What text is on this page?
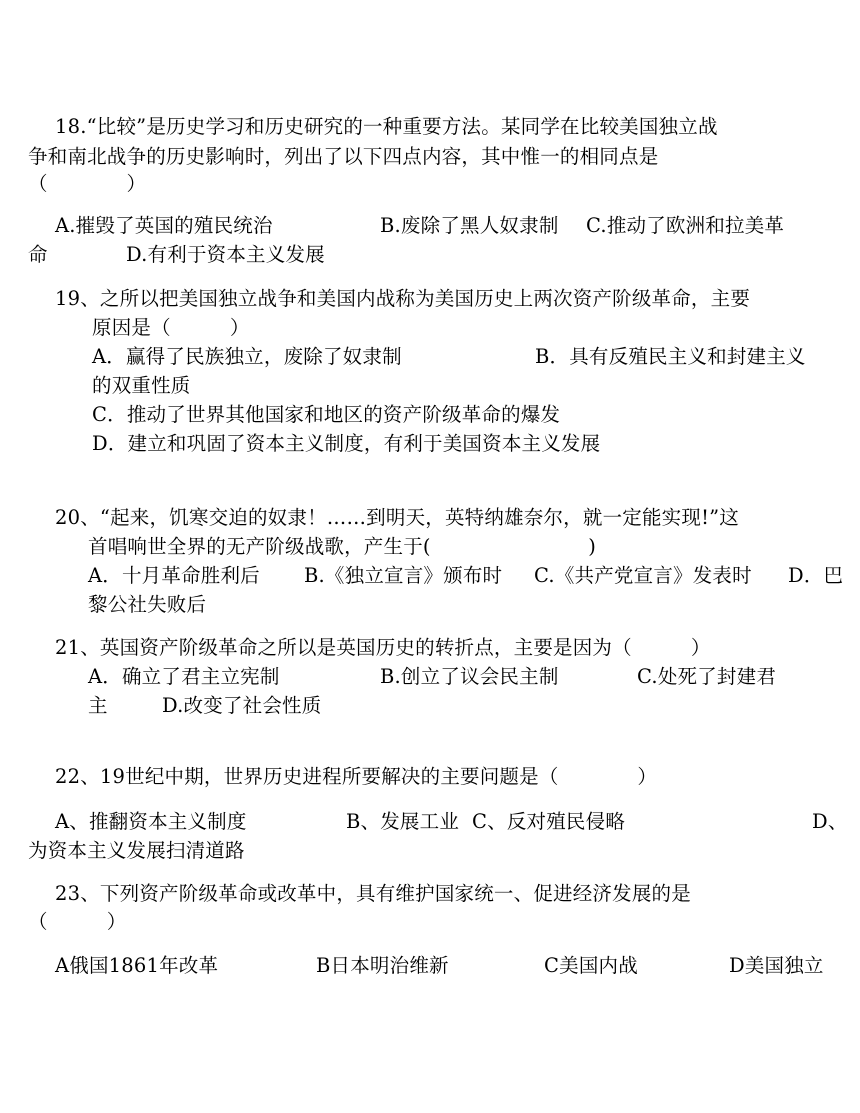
18.“比较”是历史学习和历史研究的一种重要方法。某同学在比较美国独立战
争和南北战争的历史影响时，列出了以下四点内容，其中惟一的相同点是
（　　　　）
A.摧毁了英国的殖民统治	B.废除了黑人奴隶制 C.推动了欧洲和拉美革
命	D.有利于资本主义发展
19、之所以把美国独立战争和美国内战称为美国历史上两次资产阶级革命，主要
原因是（　　　）
A．赢得了民族独立，废除了奴隶制	B．具有反殖民主义和封建主义
的双重性质
C．推动了世界其他国家和地区的资产阶级革命的爆发
D．建立和巩固了资本主义制度，有利于美国资本主义发展
20、“起来，饥寒交迫的奴隶！……到明天，英特纳雄奈尔，就一定能实现!”这
首唱响世全界的无产阶级战歌，产生于(　　　　　　　　)
A．十月革命胜利后 B.《独立宣言》颁布时 C.《共产党宣言》发表时 D．巴
黎公社失败后
21、英国资产阶级革命之所以是英国历史的转折点，主要是因为（　　　）
A．确立了君主立宪制	B.创立了议会民主制	C.处死了封建君
主	D.改变了社会性质
22、19世纪中期，世界历史进程所要解决的主要问题是（　　　　）
A、推翻资本主义制度	B、发展工业 C、反对殖民侵略	D、
为资本主义发展扫清道路
23、下列资产阶级革命或改革中，具有维护国家统一、促进经济发展的是
（　　　）
A俄国1861年改革	B日本明治维新	C美国内战	D美国独立
